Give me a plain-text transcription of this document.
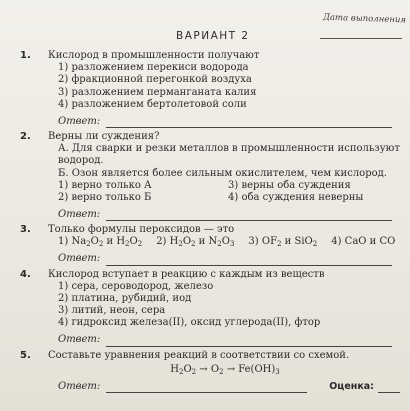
Дата выполнения
ВАРИАНТ 2
1.	Кислород в промышленности получают
1) разложением перекиси водорода
2) фракционной перегонкой воздуха
3) разложением перманганата калия
4) разложением бертолетовой соли
Ответ:
2.	Верны ли суждения?
А. Для сварки и резки металлов в промышленности используют водород.
Б. Озон является более сильным окислителем, чем кислород.
1) верно только А	3) верны оба суждения
2) верно только Б	4) оба суждения неверны
Ответ:
3.	Только формулы пероксидов — это
1) $Na_2O_2$ и $H_2O_2$ 2) $H_2O_2$ и $N_2O_3$ 3) $OF_2$ и SiO$_2$ 4) CaO и CO
Ответ:
4.	Кислород вступает в реакцию с каждым из веществ
1) сера, сероводород, железо
2) платина, рубидий, иод
3) литий, неон, сера
4) гидроксид железа(II), оксид углерода(II), фтор
Ответ:
5.	Составьте уравнения реакций в соответствии со схемой.
$H_2O_2 \to O_2 \to Fe(OH)_3$
Ответ:	Оценка:
